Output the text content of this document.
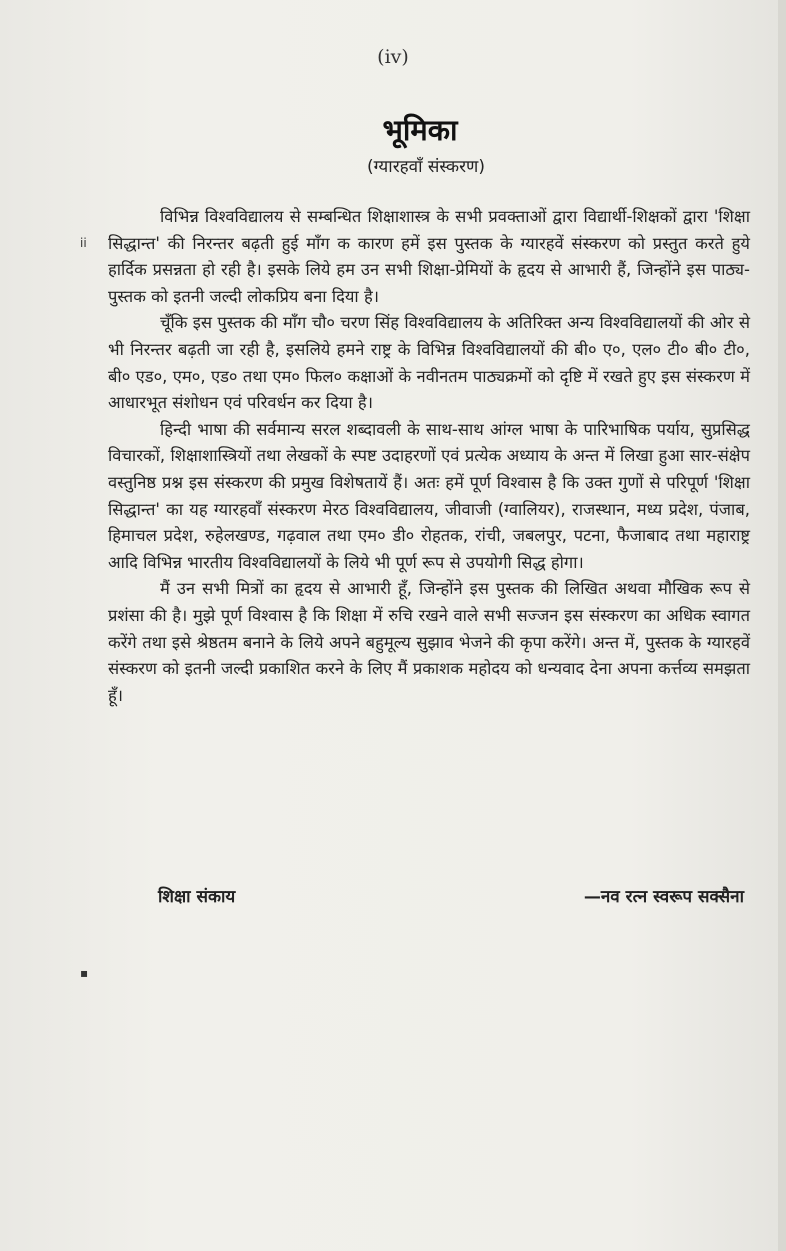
ii
▪
(iv)
भूमिका
(ग्यारहवाँ संस्करण)

विभिन्न विश्वविद्यालय से सम्बन्धित शिक्षाशास्त्र के सभी प्रवक्ताओं द्वारा विद्यार्थी-शिक्षकों द्वारा 'शिक्षा सिद्धान्त' की निरन्तर बढ़ती हुई माँग क कारण हमें इस पुस्तक के ग्यारहवें संस्करण को प्रस्तुत करते हुये हार्दिक प्रसन्नता हो रही है। इसके लिये हम उन सभी शिक्षा-प्रेमियों के हृदय से आभारी हैं, जिन्होंने इस पाठ्य-पुस्तक को इतनी जल्दी लोकप्रिय बना दिया है।

चूँकि इस पुस्तक की माँग चौ० चरण सिंह विश्वविद्यालय के अतिरिक्त अन्य विश्वविद्यालयों की ओर से भी निरन्तर बढ़ती जा रही है, इसलिये हमने राष्ट्र के विभिन्न विश्वविद्यालयों की बी० ए०, एल० टी० बी० टी०, बी० एड०, एम०, एड० तथा एम० फिल० कक्षाओं के नवीनतम पाठ्यक्रमों को दृष्टि में रखते हुए इस संस्करण में आधारभूत संशोधन एवं परिवर्धन कर दिया है।

हिन्दी भाषा की सर्वमान्य सरल शब्दावली के साथ-साथ आंग्ल भाषा के पारिभाषिक पर्याय, सुप्रसिद्ध विचारकों, शिक्षाशास्त्रियों तथा लेखकों के स्पष्ट उदाहरणों एवं प्रत्येक अध्याय के अन्त में लिखा हुआ सार-संक्षेप वस्तुनिष्ठ प्रश्न इस संस्करण की प्रमुख विशेषतायें हैं। अतः हमें पूर्ण विश्वास है कि उक्त गुणों से परिपूर्ण 'शिक्षा सिद्धान्त' का यह ग्यारहवाँ संस्करण मेरठ विश्वविद्यालय, जीवाजी (ग्वालियर), राजस्थान, मध्य प्रदेश, पंजाब, हिमाचल प्रदेश, रुहेलखण्ड, गढ़वाल तथा एम० डी० रोहतक, रांची, जबलपुर, पटना, फैजाबाद तथा महाराष्ट्र आदि विभिन्न भारतीय विश्वविद्यालयों के लिये भी पूर्ण रूप से उपयोगी सिद्ध होगा।

मैं उन सभी मित्रों का हृदय से आभारी हूँ, जिन्होंने इस पुस्तक की लिखित अथवा मौखिक रूप से प्रशंसा की है। मुझे पूर्ण विश्वास है कि शिक्षा में रुचि रखने वाले सभी सज्जन इस संस्करण का अधिक स्वागत करेंगे तथा इसे श्रेष्ठतम बनाने के लिये अपने बहुमूल्य सुझाव भेजने की कृपा करेंगे। अन्त में, पुस्तक के ग्यारहवें संस्करण को इतनी जल्दी प्रकाशित करने के लिए मैं प्रकाशक महोदय को धन्यवाद देना अपना कर्त्तव्य समझता हूँ।

शिक्षा संकाय	—नव रत्न स्वरूप सक्सैना
